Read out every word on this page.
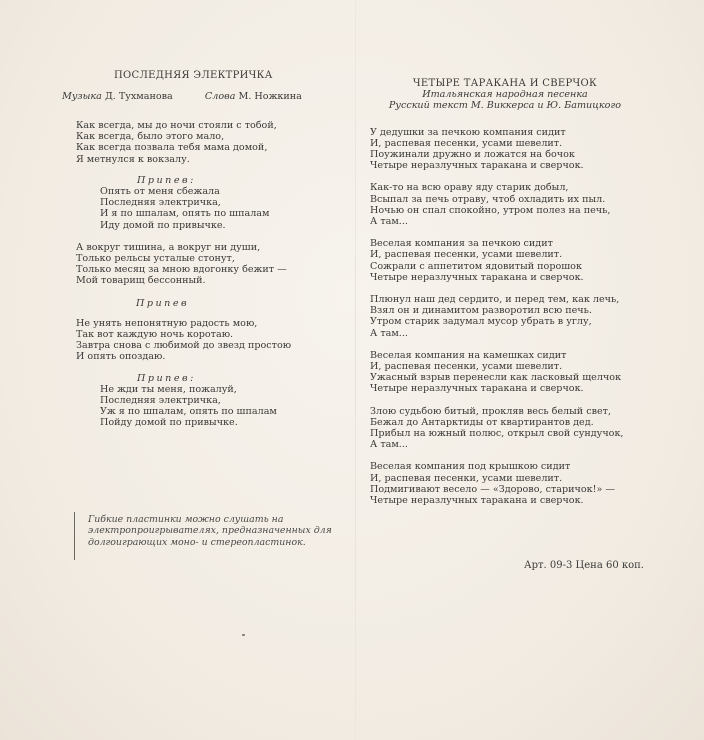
ПОСЛЕДНЯЯ ЭЛЕКТРИЧКА
Музыка Д. Тухманова	Слова М. Ножкина
Как всегда, мы до ночи стояли с тобой,
Как всегда, было этого мало,
Как всегда позвала тебя мама домой,
Я метнулся к вокзалу.
Припев:
Опять от меня сбежала
Последняя электричка,
И я по шпалам, опять по шпалам
Иду домой по привычке.
А вокруг тишина, а вокруг ни души,
Только рельсы усталые стонут,
Только месяц за мною вдогонку бежит —
Мой товарищ бессонный.
Припев
Не унять непонятную радость мою,
Так вот каждую ночь коротаю.
Завтра снова с любимой до звезд простою
И опять опоздаю.
Припев:
Не жди ты меня, пожалуй,
Последняя электричка,
Уж я по шпалам, опять по шпалам
Пойду домой по привычке.
Гибкие пластинки можно слушать на электропроигрывателях, предназначенных для долгоиграющих моно- и стереопластинок.
ЧЕТЫРЕ ТАРАКАНА И СВЕРЧОК
Итальянская народная песенка
Русский текст М. Виккерса и Ю. Батицкого
У дедушки за печкою компания сидит
И, распевая песенки, усами шевелит.
Поужинали дружно и ложатся на бочок
Четыре неразлучных таракана и сверчок.
Как-то на всю ораву яду старик добыл,
Всыпал за печь отраву, чтоб охладить их пыл.
Ночью он спал спокойно, утром полез на печь,
А там...
Веселая компания за печкою сидит
И, распевая песенки, усами шевелит.
Сожрали с аппетитом ядовитый порошок
Четыре неразлучных таракана и сверчок.
Плюнул наш дед сердито, и перед тем, как лечь,
Взял он и динамитом разворотил всю печь.
Утром старик задумал мусор убрать в углу,
А там...
Веселая компания на камешках сидит
И, распевая песенки, усами шевелит.
Ужасный взрыв перенесли как ласковый щелчок
Четыре неразлучных таракана и сверчок.
Злою судьбою битый, прокляв весь белый свет,
Бежал до Антарктиды от квартирантов дед.
Прибыл на южный полюс, открыл свой сундучок,
А там...
Веселая компания под крышкою сидит
И, распевая песенки, усами шевелит.
Подмигивают весело — «Здорово, старичок!» —
Четыре неразлучных таракана и сверчок.
Арт. 09-3 Цена 60 коп.
